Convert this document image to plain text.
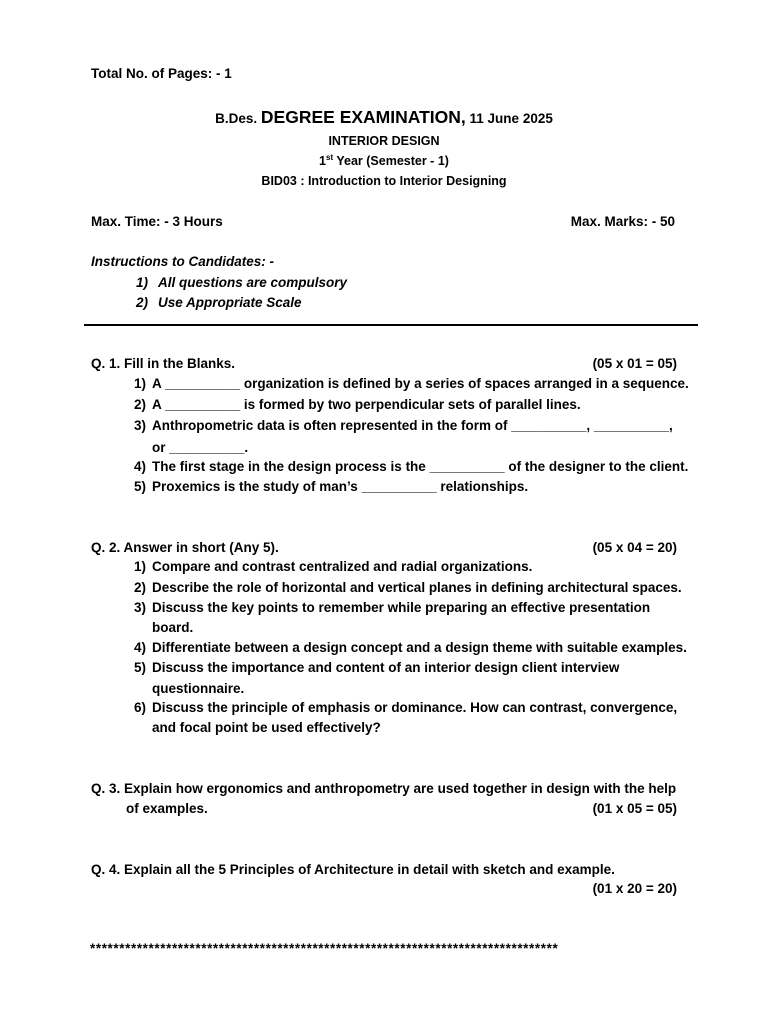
Total No. of Pages: - 1
B.Des. DEGREE EXAMINATION, 11 June 2025
INTERIOR DESIGN
1st Year (Semester - 1)
BID03 : Introduction to Interior Designing
Max. Time: - 3 Hours	Max. Marks: - 50
Instructions to Candidates: -
1) All questions are compulsory
2) Use Appropriate Scale
Q. 1. Fill in the Blanks.	(05 x 01 = 05)
1) A __________ organization is defined by a series of spaces arranged in a sequence.
2) A __________ is formed by two perpendicular sets of parallel lines.
3) Anthropometric data is often represented in the form of __________, __________,
or __________.
4) The first stage in the design process is the __________ of the designer to the client.
5) Proxemics is the study of man’s __________ relationships.
Q. 2. Answer in short (Any 5).	(05 x 04 = 20)
1) Compare and contrast centralized and radial organizations.
2) Describe the role of horizontal and vertical planes in defining architectural spaces.
3) Discuss the key points to remember while preparing an effective presentation
board.
4) Differentiate between a design concept and a design theme with suitable examples.
5) Discuss the importance and content of an interior design client interview
questionnaire.
6) Discuss the principle of emphasis or dominance. How can contrast, convergence,
and focal point be used effectively?
Q. 3. Explain how ergonomics and anthropometry are used together in design with the help
of examples.	(01 x 05 = 05)
Q. 4. Explain all the 5 Principles of Architecture in detail with sketch and example.
(01 x 20 = 20)
********************************************************************************
